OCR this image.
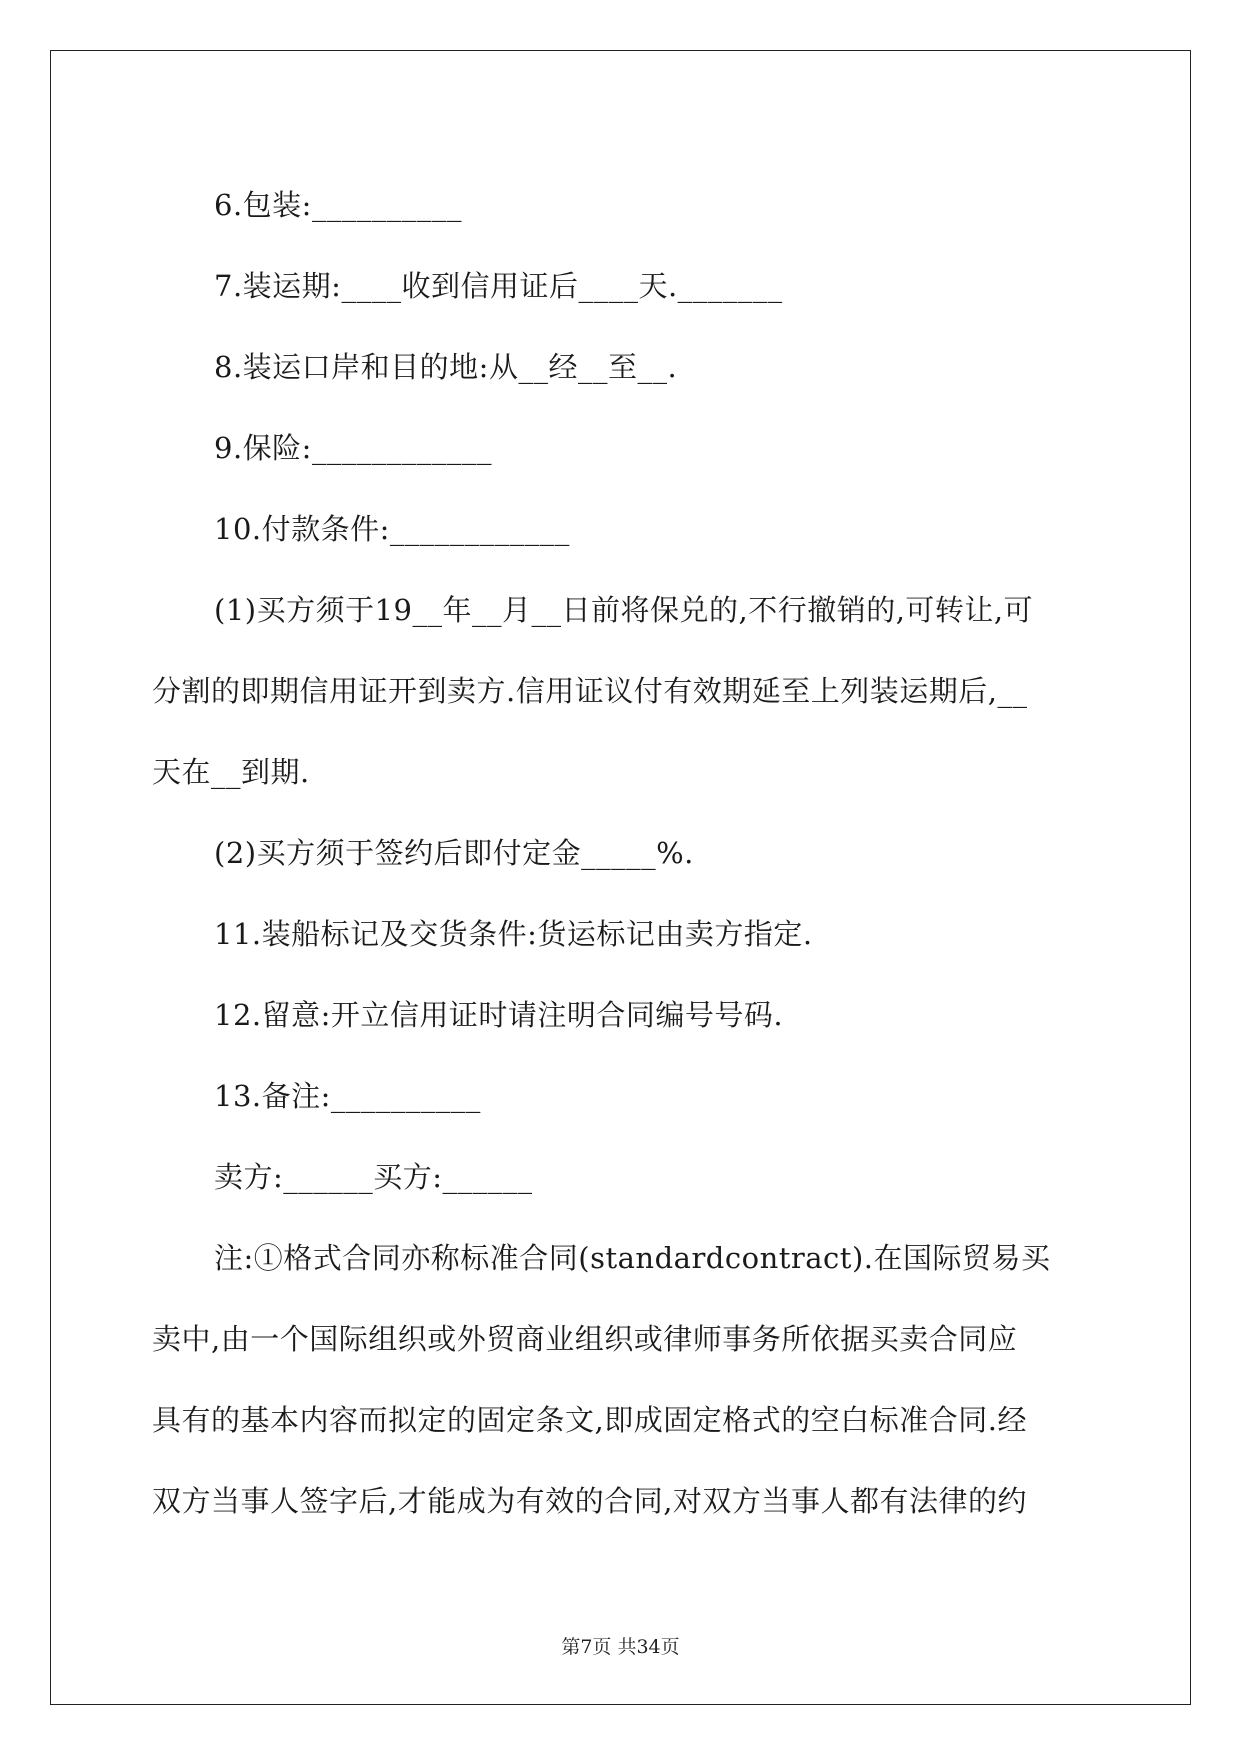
6.包装:__________
7.装运期:____收到信用证后____天._______
8.装运口岸和目的地:从__经__至__.
9.保险:____________
10.付款条件:____________
(1)买方须于19__年__月__日前将保兑的,不行撤销的,可转让,可
分割的即期信用证开到卖方.信用证议付有效期延至上列装运期后,__
天在__到期.
(2)买方须于签约后即付定金_____%.
11.装船标记及交货条件:货运标记由卖方指定.
12.留意:开立信用证时请注明合同编号号码.
13.备注:__________
卖方:______买方:______
注:①格式合同亦称标准合同(standardcontract).在国际贸易买
卖中,由一个国际组织或外贸商业组织或律师事务所依据买卖合同应
具有的基本内容而拟定的固定条文,即成固定格式的空白标准合同.经
双方当事人签字后,才能成为有效的合同,对双方当事人都有法律的约
第7页 共34页
